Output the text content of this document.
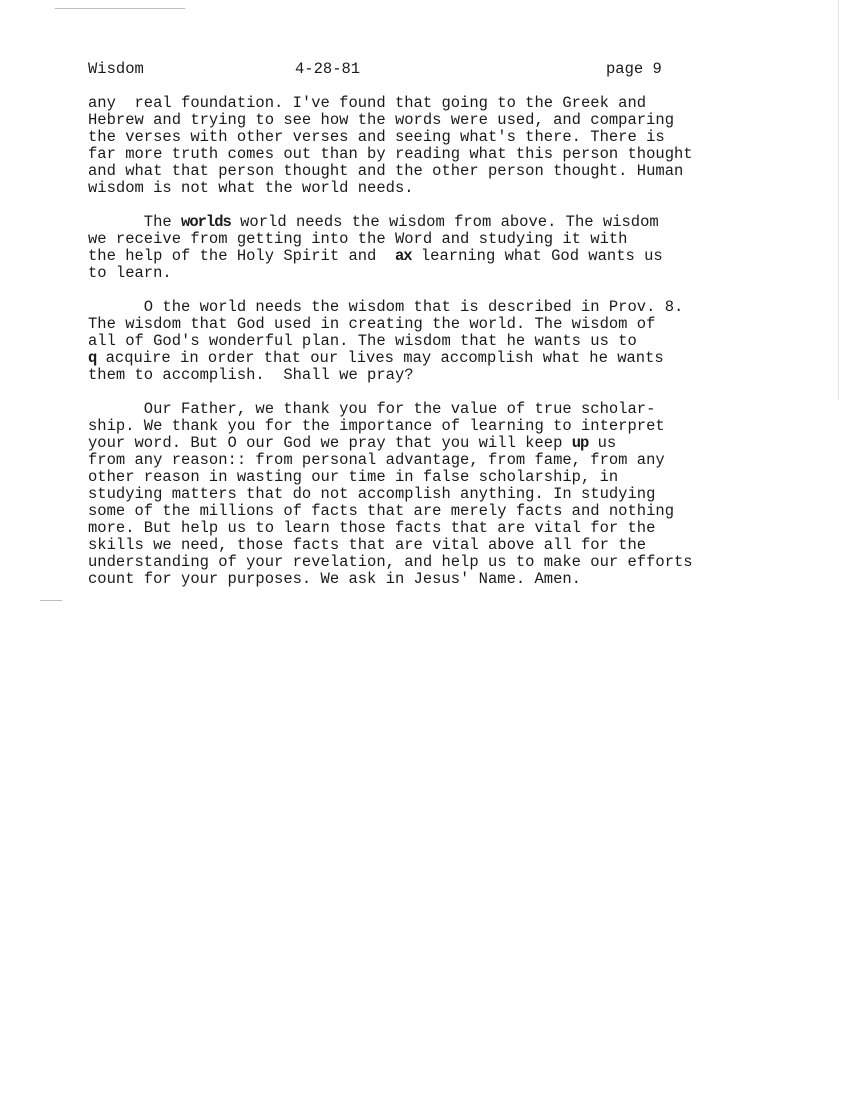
Wisdom	4-28-81	page 9
any  real foundation. I've found that going to the Greek and
Hebrew and trying to see how the words were used, and comparing
the verses with other verses and seeing what's there. There is
far more truth comes out than by reading what this person thought
and what that person thought and the other person thought. Human
wisdom is not what the world needs.
The worlds world needs the wisdom from above. The wisdom
we receive from getting into the Word and studying it with
the help of the Holy Spirit and  ax learning what God wants us
to learn.
O the world needs the wisdom that is described in Prov. 8.
The wisdom that God used in creating the world. The wisdom of
all of God's wonderful plan. The wisdom that he wants us to
q acquire in order that our lives may accomplish what he wants
them to accomplish.  Shall we pray?
Our Father, we thank you for the value of true scholar-
ship. We thank you for the importance of learning to interpret
your word. But O our God we pray that you will keep up us
from any reason:: from personal advantage, from fame, from any
other reason in wasting our time in false scholarship, in
studying matters that do not accomplish anything. In studying
some of the millions of facts that are merely facts and nothing
more. But help us to learn those facts that are vital for the
skills we need, those facts that are vital above all for the
understanding of your revelation, and help us to make our efforts
count for your purposes. We ask in Jesus' Name. Amen.
